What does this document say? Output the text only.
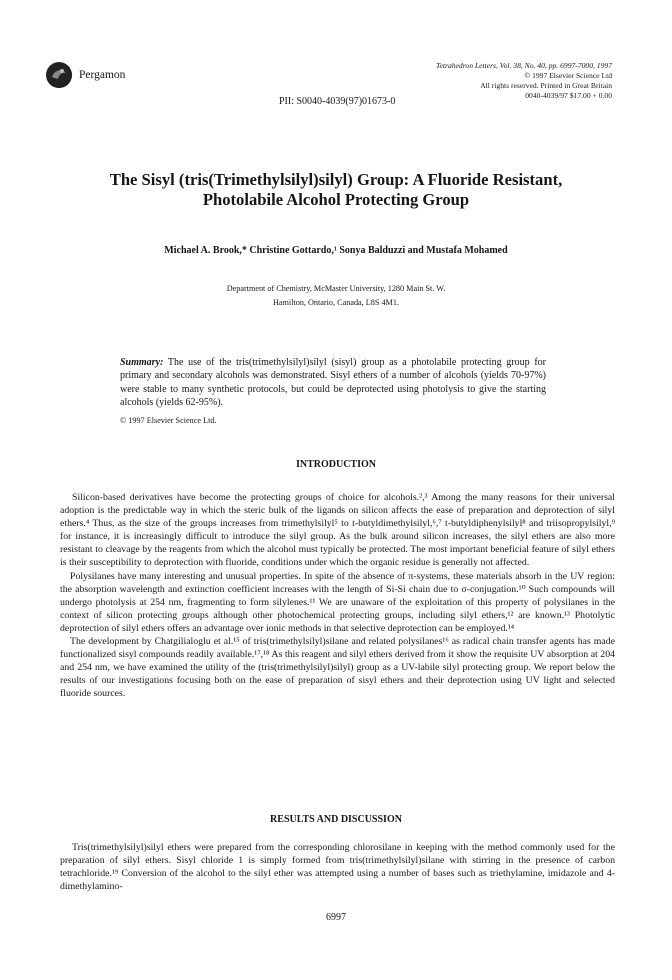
Pergamon
Tetrahedron Letters, Vol. 38, No. 40, pp. 6997-7000, 1997
© 1997 Elsevier Science Ltd
All rights reserved. Printed in Great Britain
0040-4039/97 $17.00 + 0.00
PII: S0040-4039(97)01673-0
The Sisyl (tris(Trimethylsilyl)silyl) Group: A Fluoride Resistant,
Photolabile Alcohol Protecting Group
Michael A. Brook,* Christine Gottardo,¹ Sonya Balduzzi and Mustafa Mohamed
Department of Chemistry, McMaster University, 1280 Main St. W.
Hamilton, Ontario, Canada, L8S 4M1.
Summary: The use of the tris(trimethylsilyl)silyl (sisyl) group as a photolabile protecting group for primary and secondary alcohols was demonstrated. Sisyl ethers of a number of alcohols (yields 70-97%) were stable to many synthetic protocols, but could be deprotected using photolysis to give the starting alcohols (yields 62-95%).
© 1997 Elsevier Science Ltd.
INTRODUCTION

Silicon-based derivatives have become the protecting groups of choice for alcohols.²,³ Among the many reasons for their universal adoption is the predictable way in which the steric bulk of the ligands on silicon affects the ease of preparation and deprotection of silyl ethers.⁴ Thus, as the size of the groups increases from trimethylsilyl⁵ to t-butyldimethylsilyl,⁶,⁷ t-butyldiphenylsilyl⁸ and triisopropylsilyl,⁹ for instance, it is increasingly difficult to introduce the silyl group. As the bulk around silicon increases, the silyl ethers are also more resistant to cleavage by the reagents from which the alcohol must typically be protected. The most important beneficial feature of silyl ethers is their susceptibility to deprotection with fluoride, conditions under which the organic residue is generally not affected.

Polysilanes have many interesting and unusual properties. In spite of the absence of π-systems, these materials absorb in the UV region: the absorption wavelength and extinction coefficient increases with the length of Si-Si chain due to σ-conjugation.¹⁰ Such compounds will undergo photolysis at 254 nm, fragmenting to form silylenes.¹¹ We are unaware of the exploitation of this property of polysilanes in the context of silicon protecting groups although other photochemical protecting groups, including silyl ethers,¹² are known.¹³ Photolytic deprotection of silyl ethers offers an advantage over ionic methods in that selective deprotection can be employed.¹⁴

The development by Chatgilialoglu et al.¹⁵ of tris(trimethylsilyl)silane and related polysilanes¹⁶ as radical chain transfer agents has made functionalized sisyl compounds readily available.¹⁷,¹⁸ As this reagent and silyl ethers derived from it show the requisite UV absorption at 204 and 254 nm, we have examined the utility of the (tris(trimethylsilyl)silyl) group as a UV-labile silyl protecting group. We report below the results of our investigations focusing both on the ease of preparation of sisyl ethers and their deprotection using UV light and selected fluoride sources.

RESULTS AND DISCUSSION

Tris(trimethylsilyl)silyl ethers were prepared from the corresponding chlorosilane in keeping with the method commonly used for the preparation of silyl ethers. Sisyl chloride 1 is simply formed from tris(trimethylsilyl)silane with stirring in the presence of carbon tetrachloride.¹⁹ Conversion of the alcohol to the silyl ether was attempted using a number of bases such as triethylamine, imidazole and 4-dimethylamino-

6997
